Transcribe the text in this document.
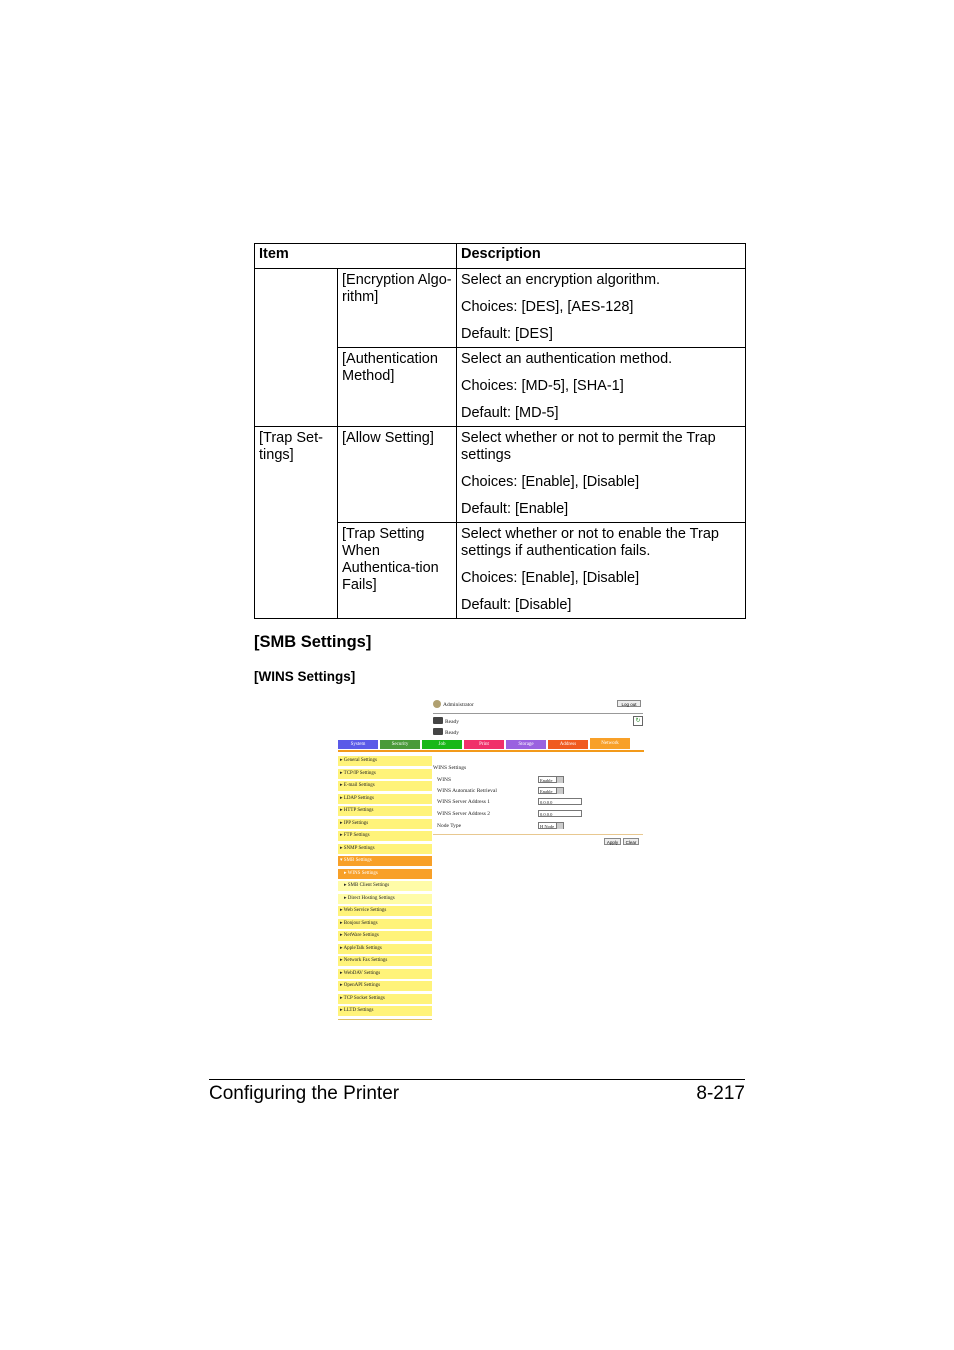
Item		Description

	[Encryption Algo-rithm]	Select an encryption algorithm.

Choices: [DES], [AES-128]

Default: [DES]

	[Authentication Method]	Select an authentication method.

Choices: [MD-5], [SHA-1]

Default: [MD-5]

[Trap Set-tings]	[Allow Setting]	Select whether or not to permit the Trap settings

Choices: [Enable], [Disable]

Default: [Enable]

	[Trap Setting When Authentica-tion Fails]	Select whether or not to enable the Trap settings if authentication fails.

Choices: [Enable], [Disable]

Default: [Disable]

[SMB Settings]
[WINS Settings]
Administrator	Log out
↻
Ready
Ready
System	Security	Job	Print	Storage	Address	Network
▸ General Settings
▸ TCP/IP Settings
▸ E-mail Settings
▸ LDAP Settings
▸ HTTP Settings
▸ IPP Settings
▸ FTP Settings
▸ SNMP Settings
▾ SMB Settings
▸ WINS Settings
▸ SMB Client Settings
▸ Direct Hosting Settings
▸ Web Service Settings
▸ Bonjour Settings
▸ NetWare Settings
▸ AppleTalk Settings
▸ Network Fax Settings
▸ WebDAV Settings
▸ OpenAPI Settings
▸ TCP Socket Settings
▸ LLTD Settings
WINS Settings
WINS	Enable
WINS Automatic Retrieval	Enable
WINS Server Address 1	0.0.0.0
WINS Server Address 2	0.0.0.0
Node Type	H Node
Apply	Clear
Configuring the Printer	8-217
